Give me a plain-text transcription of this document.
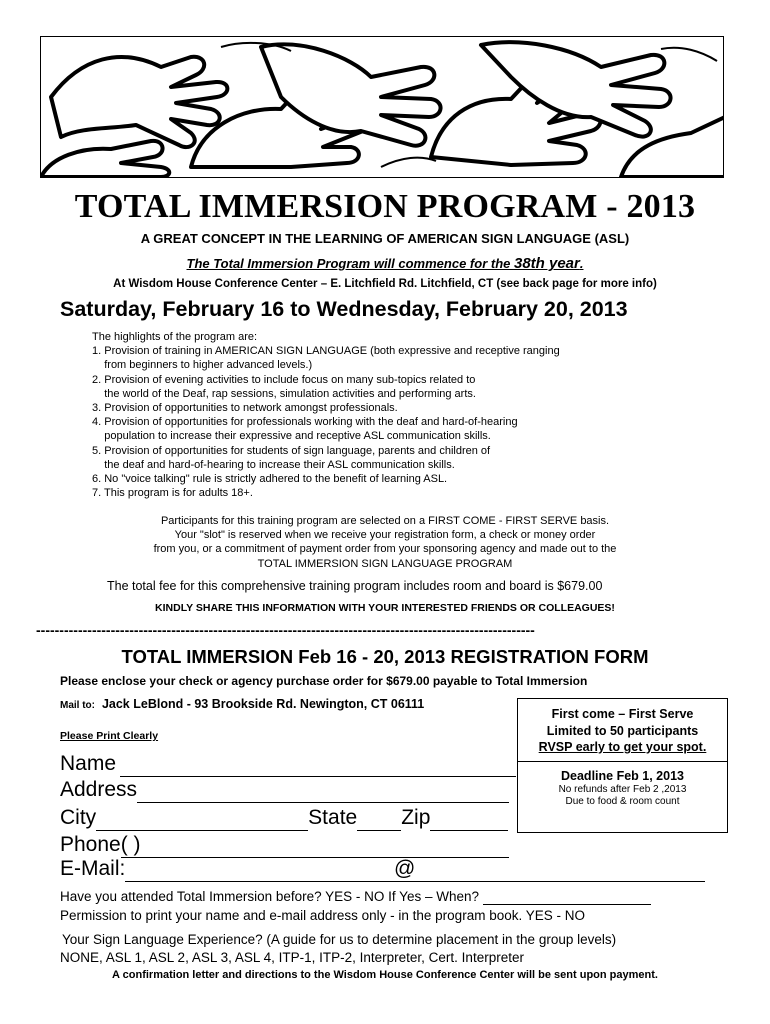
TOTAL IMMERSION PROGRAM - 2013
A GREAT CONCEPT IN THE LEARNING OF AMERICAN SIGN LANGUAGE (ASL)
The Total Immersion Program will commence for the 38th year.
At Wisdom House Conference Center – E. Litchfield Rd. Litchfield, CT (see back page for more info)
Saturday, February 16 to Wednesday, February 20, 2013
The highlights of the program are:
1. Provision of training in AMERICAN SIGN LANGUAGE (both expressive and receptive ranging
from beginners to higher advanced levels.)
2. Provision of evening activities to include focus on many sub-topics related to
the world of the Deaf, rap sessions, simulation activities and performing arts.
3. Provision of opportunities to network amongst professionals.
4. Provision of opportunities for professionals working with the deaf and hard-of-hearing
population to increase their expressive and receptive ASL communication skills.
5. Provision of opportunities for students of sign language, parents and children of
the deaf and hard-of-hearing to increase their ASL communication skills.
6. No "voice talking" rule is strictly adhered to the benefit of learning ASL.
7. This program is for adults 18+.
Participants for this training program are selected on a FIRST COME - FIRST SERVE basis.
Your "slot" is reserved when we receive your registration form, a check or money order
from you, or a commitment of payment order from your sponsoring agency and made out to the
TOTAL IMMERSION SIGN LANGUAGE PROGRAM
The total fee for this comprehensive training program includes room and board is $679.00
KINDLY SHARE THIS INFORMATION WITH YOUR INTERESTED FRIENDS OR COLLEAGUES!
-----------------------------------------------------------------------------------------------------------
TOTAL IMMERSION Feb 16 - 20, 2013 REGISTRATION FORM
Please enclose your check or agency purchase order for $679.00 payable to Total Immersion
Mail to: Jack LeBlond - 93 Brookside Rd. Newington, CT 06111
Please Print Clearly
Name
Address
City	State Zip
Phone( )
E-Mail:	@
First come – First Serve
Limited to 50 participants
RVSP early to get your spot.
Deadline Feb 1, 2013
No refunds after Feb 2 ,2013
Due to food & room count
Have you attended Total Immersion before? YES - NO If Yes – When?
Permission to print your name and e-mail address only - in the program book. YES - NO
Your Sign Language Experience? (A guide for us to determine placement in the group levels)
NONE, ASL 1, ASL 2, ASL 3, ASL 4, ITP-1, ITP-2, Interpreter, Cert. Interpreter
A confirmation letter and directions to the Wisdom House Conference Center will be sent upon payment.
